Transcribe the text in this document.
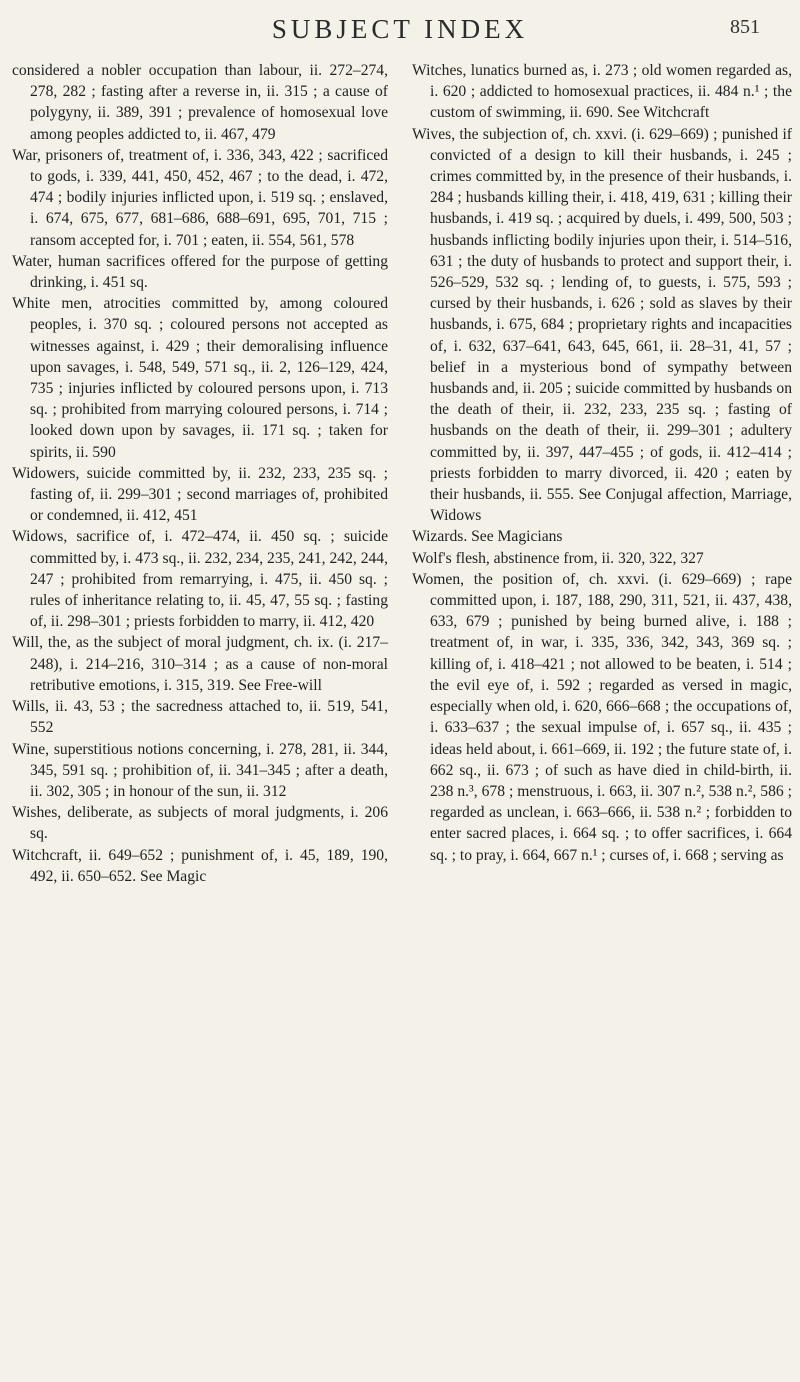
SUBJECT INDEX	851

considered a nobler occupation than labour, ii. 272–274, 278, 282 ; fasting after a reverse in, ii. 315 ; a cause of polygyny, ii. 389, 391 ; prevalence of homosexual love among peoples addicted to, ii. 467, 479

War, prisoners of, treatment of, i. 336, 343, 422 ; sacrificed to gods, i. 339, 441, 450, 452, 467 ; to the dead, i. 472, 474 ; bodily injuries inflicted upon, i. 519 sq. ; enslaved, i. 674, 675, 677, 681–686, 688–691, 695, 701, 715 ; ransom accepted for, i. 701 ; eaten, ii. 554, 561, 578

Water, human sacrifices offered for the purpose of getting drinking, i. 451 sq.

White men, atrocities committed by, among coloured peoples, i. 370 sq. ; coloured persons not accepted as witnesses against, i. 429 ; their demoralising influence upon savages, i. 548, 549, 571 sq., ii. 2, 126–129, 424, 735 ; injuries inflicted by coloured persons upon, i. 713 sq. ; prohibited from marrying coloured persons, i. 714 ; looked down upon by savages, ii. 171 sq. ; taken for spirits, ii. 590

Widowers, suicide committed by, ii. 232, 233, 235 sq. ; fasting of, ii. 299–301 ; second marriages of, prohibited or condemned, ii. 412, 451

Widows, sacrifice of, i. 472–474, ii. 450 sq. ; suicide committed by, i. 473 sq., ii. 232, 234, 235, 241, 242, 244, 247 ; prohibited from remarrying, i. 475, ii. 450 sq. ; rules of inheritance relating to, ii. 45, 47, 55 sq. ; fasting of, ii. 298–301 ; priests forbidden to marry, ii. 412, 420

Will, the, as the subject of moral judgment, ch. ix. (i. 217–248), i. 214–216, 310–314 ; as a cause of non-moral retributive emotions, i. 315, 319. See Free-will

Wills, ii. 43, 53 ; the sacredness attached to, ii. 519, 541, 552

Wine, superstitious notions concerning, i. 278, 281, ii. 344, 345, 591 sq. ; prohibition of, ii. 341–345 ; after a death, ii. 302, 305 ; in honour of the sun, ii. 312

Wishes, deliberate, as subjects of moral judgments, i. 206 sq.

Witchcraft, ii. 649–652 ; punishment of, i. 45, 189, 190, 492, ii. 650–652. See Magic

Witches, lunatics burned as, i. 273 ; old women regarded as, i. 620 ; addicted to homosexual practices, ii. 484 n.¹ ; the custom of swimming, ii. 690. See Witchcraft

Wives, the subjection of, ch. xxvi. (i. 629–669) ; punished if convicted of a design to kill their husbands, i. 245 ; crimes committed by, in the presence of their husbands, i. 284 ; husbands killing their, i. 418, 419, 631 ; killing their husbands, i. 419 sq. ; acquired by duels, i. 499, 500, 503 ; husbands inflicting bodily injuries upon their, i. 514–516, 631 ; the duty of husbands to protect and support their, i. 526–529, 532 sq. ; lending of, to guests, i. 575, 593 ; cursed by their husbands, i. 626 ; sold as slaves by their husbands, i. 675, 684 ; proprietary rights and incapacities of, i. 632, 637–641, 643, 645, 661, ii. 28–31, 41, 57 ; belief in a mysterious bond of sympathy between husbands and, ii. 205 ; suicide committed by husbands on the death of their, ii. 232, 233, 235 sq. ; fasting of husbands on the death of their, ii. 299–301 ; adultery committed by, ii. 397, 447–455 ; of gods, ii. 412–414 ; priests forbidden to marry divorced, ii. 420 ; eaten by their husbands, ii. 555. See Conjugal affection, Marriage, Widows

Wizards. See Magicians

Wolf's flesh, abstinence from, ii. 320, 322, 327

Women, the position of, ch. xxvi. (i. 629–669) ; rape committed upon, i. 187, 188, 290, 311, 521, ii. 437, 438, 633, 679 ; punished by being burned alive, i. 188 ; treatment of, in war, i. 335, 336, 342, 343, 369 sq. ; killing of, i. 418–421 ; not allowed to be beaten, i. 514 ; the evil eye of, i. 592 ; regarded as versed in magic, especially when old, i. 620, 666–668 ; the occupations of, i. 633–637 ; the sexual impulse of, i. 657 sq., ii. 435 ; ideas held about, i. 661–669, ii. 192 ; the future state of, i. 662 sq., ii. 673 ; of such as have died in child-birth, ii. 238 n.³, 678 ; menstruous, i. 663, ii. 307 n.², 538 n.², 586 ; regarded as unclean, i. 663–666, ii. 538 n.² ; forbidden to enter sacred places, i. 664 sq. ; to offer sacrifices, i. 664 sq. ; to pray, i. 664, 667 n.¹ ; curses of, i. 668 ; serving as
